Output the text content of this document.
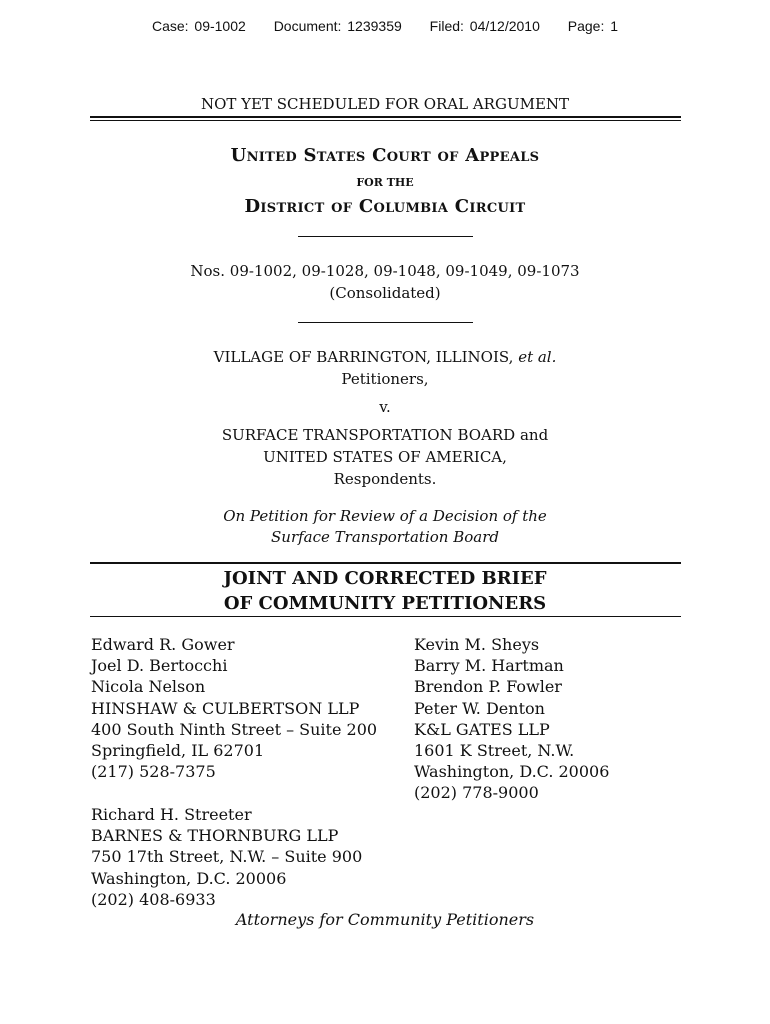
Case: 09-1002 Document: 1239359 Filed: 04/12/2010 Page: 1
NOT YET SCHEDULED FOR ORAL ARGUMENT
United States Court of Appeals
FOR THE
District of Columbia Circuit
Nos. 09-1002, 09-1028, 09-1048, 09-1049, 09-1073
(Consolidated)
VILLAGE OF BARRINGTON, ILLINOIS, et al.
Petitioners,
v.
SURFACE TRANSPORTATION BOARD and
UNITED STATES OF AMERICA,
Respondents.
On Petition for Review of a Decision of the
Surface Transportation Board
JOINT AND CORRECTED BRIEF
OF COMMUNITY PETITIONERS
Edward R. Gower
Joel D. Bertocchi
Nicola Nelson
HINSHAW & CULBERTSON LLP
400 South Ninth Street – Suite 200
Springfield, IL 62701
(217) 528-7375
Kevin M. Sheys
Barry M. Hartman
Brendon P. Fowler
Peter W. Denton
K&L GATES LLP
1601 K Street, N.W.
Washington, D.C. 20006
(202) 778-9000
Richard H. Streeter
BARNES & THORNBURG LLP
750 17th Street, N.W. – Suite 900
Washington, D.C. 20006
(202) 408-6933
Attorneys for Community Petitioners
